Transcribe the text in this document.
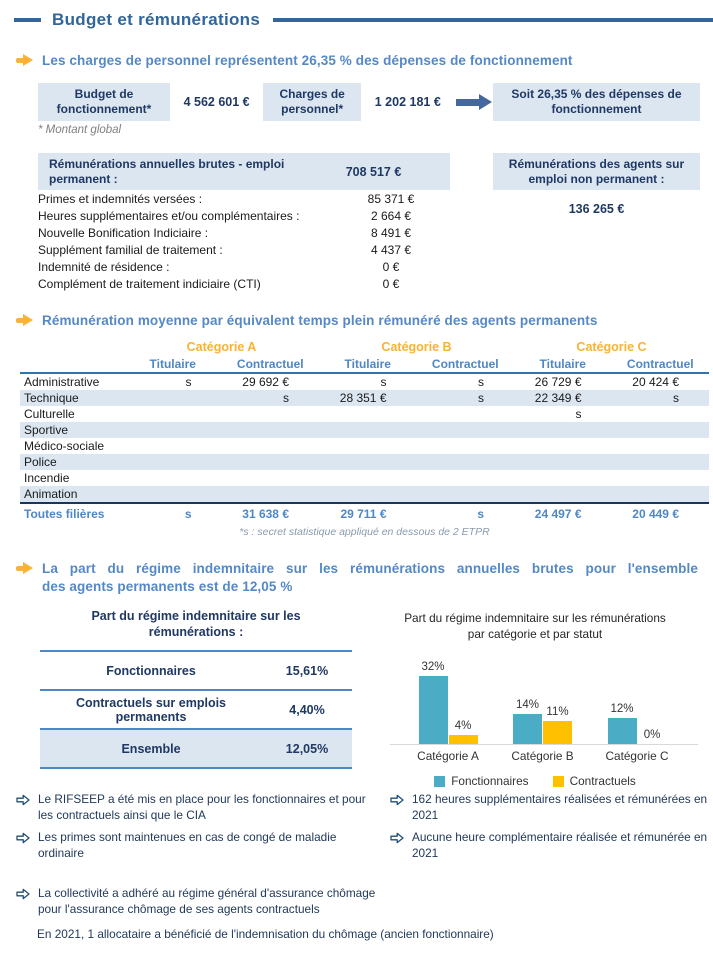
Budget et rémunérations
Les charges de personnel représentent 26,35 % des dépenses de fonctionnement
Budget de fonctionnement*	4 562 601 €
Charges de personnel*	1 202 181 €
Soit 26,35 % des dépenses de fonctionnement
* Montant global
Rémunérations annuelles brutes - emploi permanent :	708 517 €
Primes et indemnités versées :	85 371 €
Heures supplémentaires et/ou complémentaires :	2 664 €
Nouvelle Bonification Indiciaire :	8 491 €
Supplément familial de traitement :	4 437 €
Indemnité de résidence :	0 €
Complément de traitement indiciaire (CTI)	0 €
Rémunérations des agents sur emploi non permanent :
136 265 €
Rémunération moyenne par équivalent temps plein rémunéré des agents permanents
	Catégorie A		Catégorie B		Catégorie C	
	Titulaire	Contractuel	Titulaire	Contractuel	Titulaire	Contractuel
Administrative	s	29 692 €	s	s	26 729 €	20 424 €
Technique		s	28 351 €	s	22 349 €	s
Culturelle					s	
Sportive						
Médico-sociale						
Police						
Incendie						
Animation						
Toutes filières	s	31 638 €	29 711 €	s	24 497 €	20 449 €
*s : secret statistique appliqué en dessous de 2 ETPR
La part du régime indemnitaire sur les rémunérations annuelles brutes pour l'ensemble
des agents permanents est de 12,05 %
Part du régime indemnitaire sur les rémunérations :
Fonctionnaires	15,61%
Contractuels sur emplois permanents	4,40%
Ensemble	12,05%
Part du régime indemnitaire sur les rémunérations
par catégorie et par statut
32%
4%
14%
11%	12%
0%
Catégorie A	Catégorie B	Catégorie C
Fonctionnaires	Contractuels
Le RIFSEEP a été mis en place pour les fonctionnaires et pour les contractuels ainsi que le CIA
Les primes sont maintenues en cas de congé de maladie ordinaire
La collectivité a adhéré au régime général d'assurance chômage pour l'assurance chômage de ses agents contractuels
162 heures supplémentaires réalisées et rémunérées en 2021
Aucune heure complémentaire réalisée et rémunérée en 2021
En 2021, 1 allocataire a bénéficié de l'indemnisation du chômage (ancien fonctionnaire)
